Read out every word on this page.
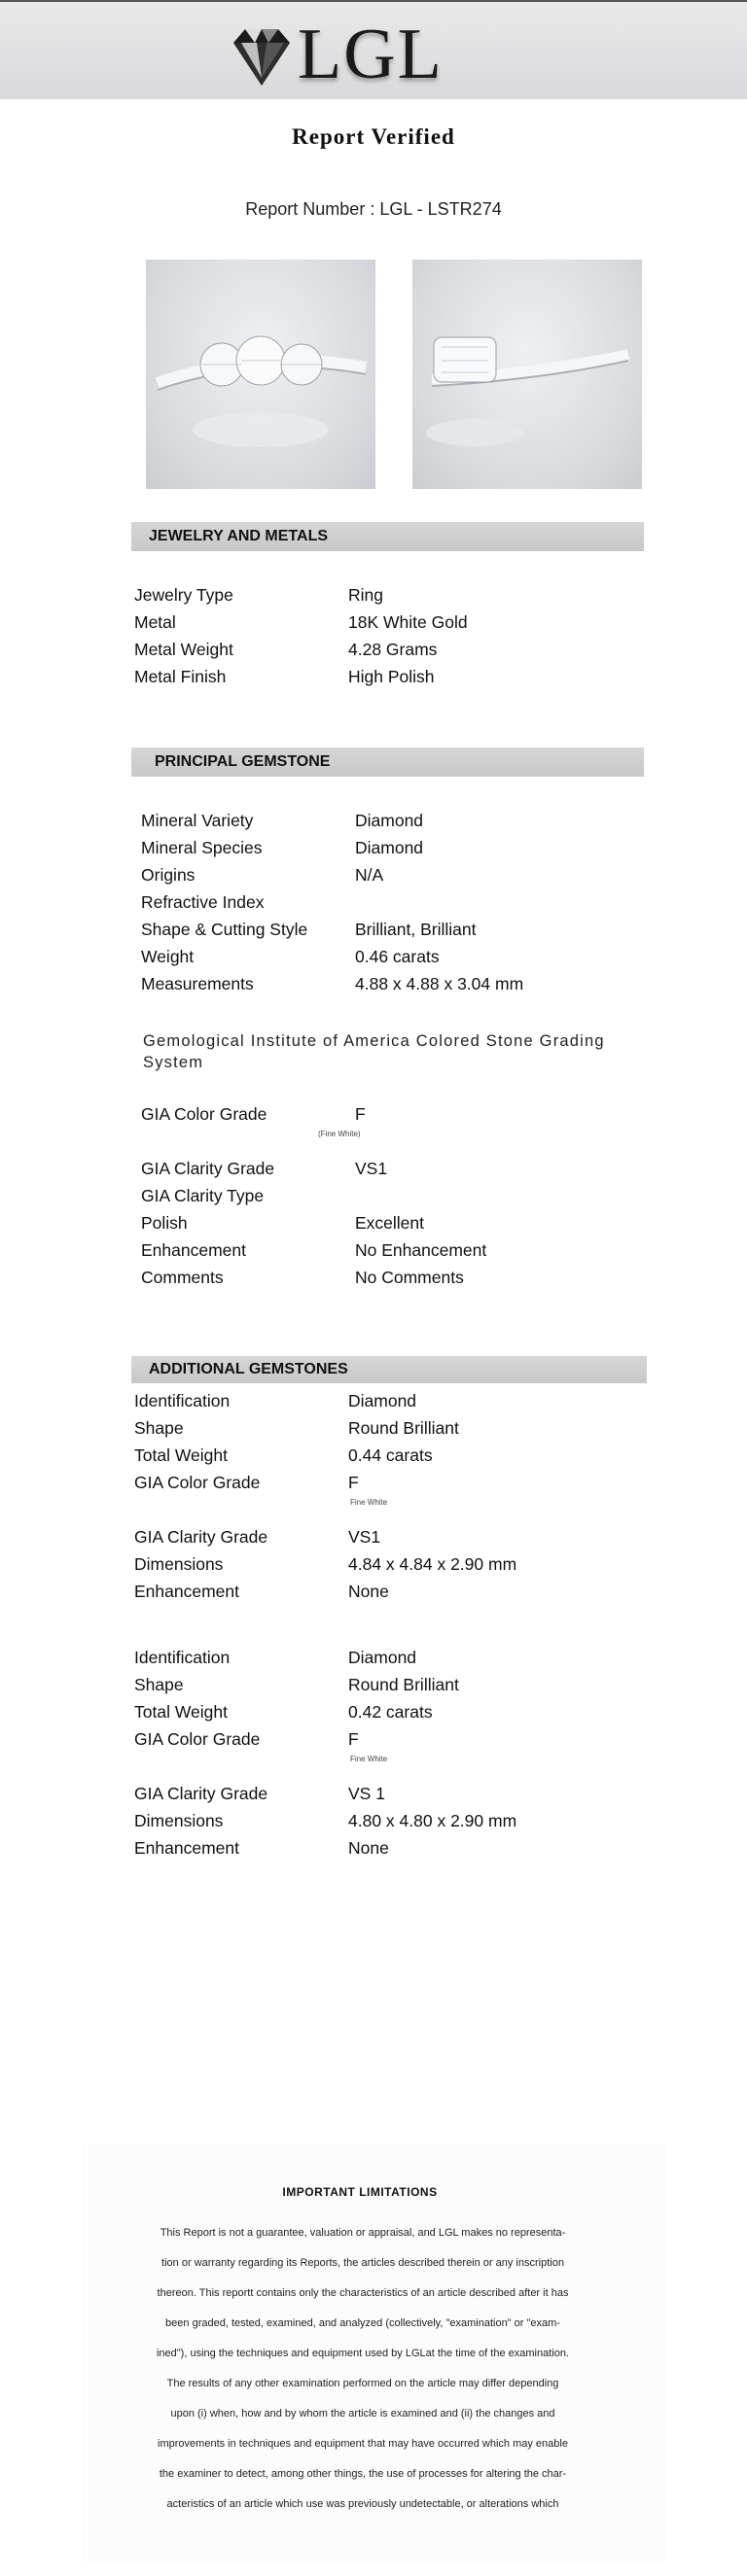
LGL
Report Verified
Report Number : LGL - LSTR274
JEWELRY AND METALS
Jewelry Type	Ring
Metal	18K White Gold
Metal Weight	4.28 Grams
Metal Finish	High Polish
PRINCIPAL GEMSTONE
Mineral Variety	Diamond
Mineral Species	Diamond
Origins	N/A
Refractive Index
Shape & Cutting Style	Brilliant, Brilliant
Weight	0.46 carats
Measurements	4.88 x 4.88 x 3.04 mm
Gemological Institute of America Colored Stone Grading System
GIA Color Grade	F
(Fine White)
GIA Clarity Grade	VS1
GIA Clarity Type
Polish	Excellent
Enhancement	No Enhancement
Comments	No Comments
ADDITIONAL GEMSTONES
Identification	Diamond
Shape	Round Brilliant
Total Weight	0.44 carats
GIA Color Grade	F
Fine White
GIA Clarity Grade	VS1
Dimensions	4.84 x 4.84 x 2.90 mm
Enhancement	None
Identification	Diamond
Shape	Round Brilliant
Total Weight	0.42 carats
GIA Color Grade	F
Fine White
GIA Clarity Grade	VS 1
Dimensions	4.80 x 4.80 x 2.90 mm
Enhancement	None
IMPORTANT LIMITATIONS
This Report is not a guarantee, valuation or appraisal, and LGL makes no representa-
tion or warranty regarding its Reports, the articles described therein or any inscription
thereon. This reportt contains only the characteristics of an article described after it has
been graded, tested, examined, and analyzed (collectively, "examination" or "exam-
ined"), using the techniques and equipment used by LGLat the time of the examination.
The results of any other examination performed on the article may differ depending
upon (i) when, how and by whom the article is examined and (ii) the changes and
improvements in techniques and equipment that may have occurred which may enable
the examiner to detect, among other things, the use of processes for altering the char-
acteristics of an article which use was previously undetectable, or alterations which
